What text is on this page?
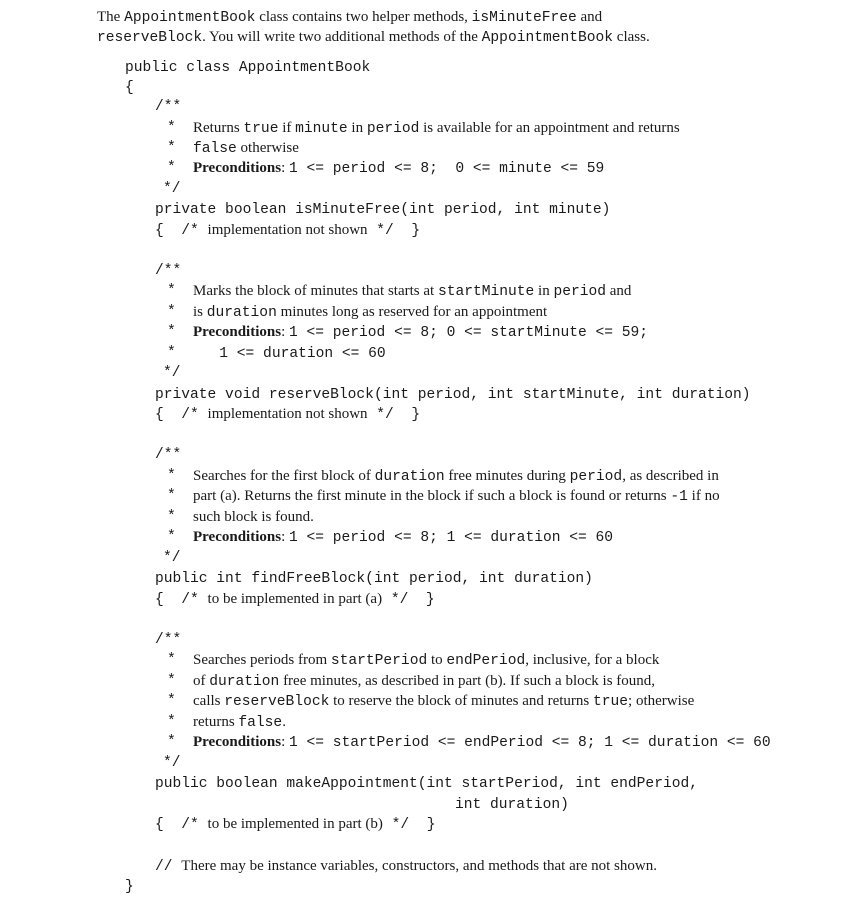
The AppointmentBook class contains two helper methods, isMinuteFree and
reserveBlock. You will write two additional methods of the AppointmentBook class.
public class AppointmentBook
{
/**
* Returns true if minute in period is available for an appointment and returns
* false otherwise
* Preconditions: 1 <= period <= 8;  0 <= minute <= 59
*/
private boolean isMinuteFree(int period, int minute)
{  /* implementation not shown */  }
/**
* Marks the block of minutes that starts at startMinute in period and
* is duration minutes long as reserved for an appointment
* Preconditions: 1 <= period <= 8; 0 <= startMinute <= 59;
* 1 <= duration <= 60
*/
private void reserveBlock(int period, int startMinute, int duration)
{  /* implementation not shown */  }
/**
* Searches for the first block of duration free minutes during period, as described in
* part (a). Returns the first minute in the block if such a block is found or returns -1 if no
* such block is found.
* Preconditions: 1 <= period <= 8; 1 <= duration <= 60
*/
public int findFreeBlock(int period, int duration)
{  /* to be implemented in part (a) */  }
/**
* Searches periods from startPeriod to endPeriod, inclusive, for a block
* of duration free minutes, as described in part (b). If such a block is found,
* calls reserveBlock to reserve the block of minutes and returns true; otherwise
* returns false.
* Preconditions: 1 <= startPeriod <= endPeriod <= 8; 1 <= duration <= 60
*/
public boolean makeAppointment(int startPeriod, int endPeriod,
int duration)
{  /* to be implemented in part (b) */  }
// There may be instance variables, constructors, and methods that are not shown.
}
